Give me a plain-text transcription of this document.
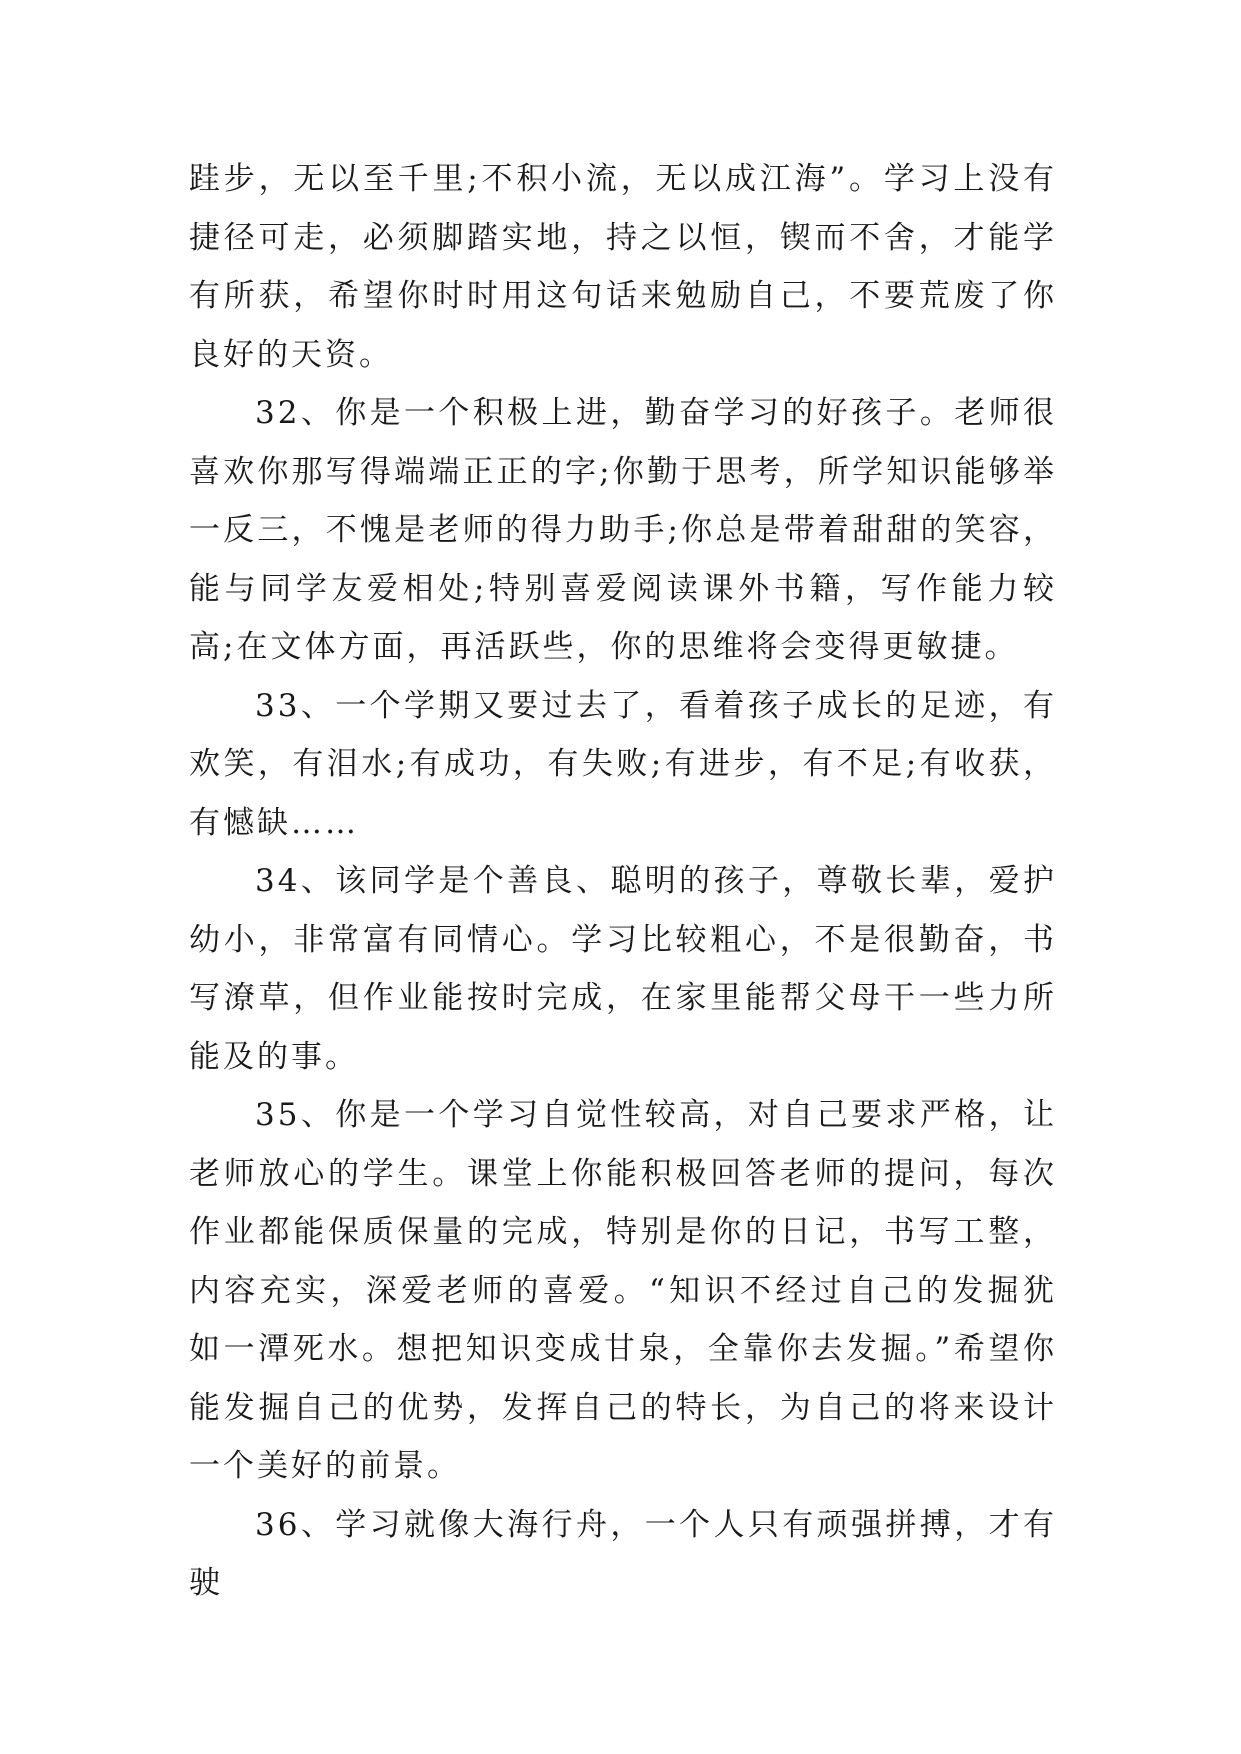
跬步，无以至千里;不积小流，无以成江海”。学习上没有捷径可走，必须脚踏实地，持之以恒，锲而不舍，才能学有所获，希望你时时用这句话来勉励自己，不要荒废了你良好的天资。

32、你是一个积极上进，勤奋学习的好孩子。老师很喜欢你那写得端端正正的字;你勤于思考，所学知识能够举一反三，不愧是老师的得力助手;你总是带着甜甜的笑容，能与同学友爱相处;特别喜爱阅读课外书籍，写作能力较高;在文体方面，再活跃些，你的思维将会变得更敏捷。

33、一个学期又要过去了，看着孩子成长的足迹，有欢笑，有泪水;有成功，有失败;有进步，有不足;有收获，有憾缺……

34、该同学是个善良、聪明的孩子，尊敬长辈，爱护幼小，非常富有同情心。学习比较粗心，不是很勤奋，书写潦草，但作业能按时完成，在家里能帮父母干一些力所能及的事。

35、你是一个学习自觉性较高，对自己要求严格，让老师放心的学生。课堂上你能积极回答老师的提问，每次作业都能保质保量的完成，特别是你的日记，书写工整，内容充实，深爱老师的喜爱。“知识不经过自己的发掘犹如一潭死水。想把知识变成甘泉，全靠你去发掘。”希望你能发掘自己的优势，发挥自己的特长，为自己的将来设计一个美好的前景。

36、学习就像大海行舟，一个人只有顽强拼搏，才有驶
